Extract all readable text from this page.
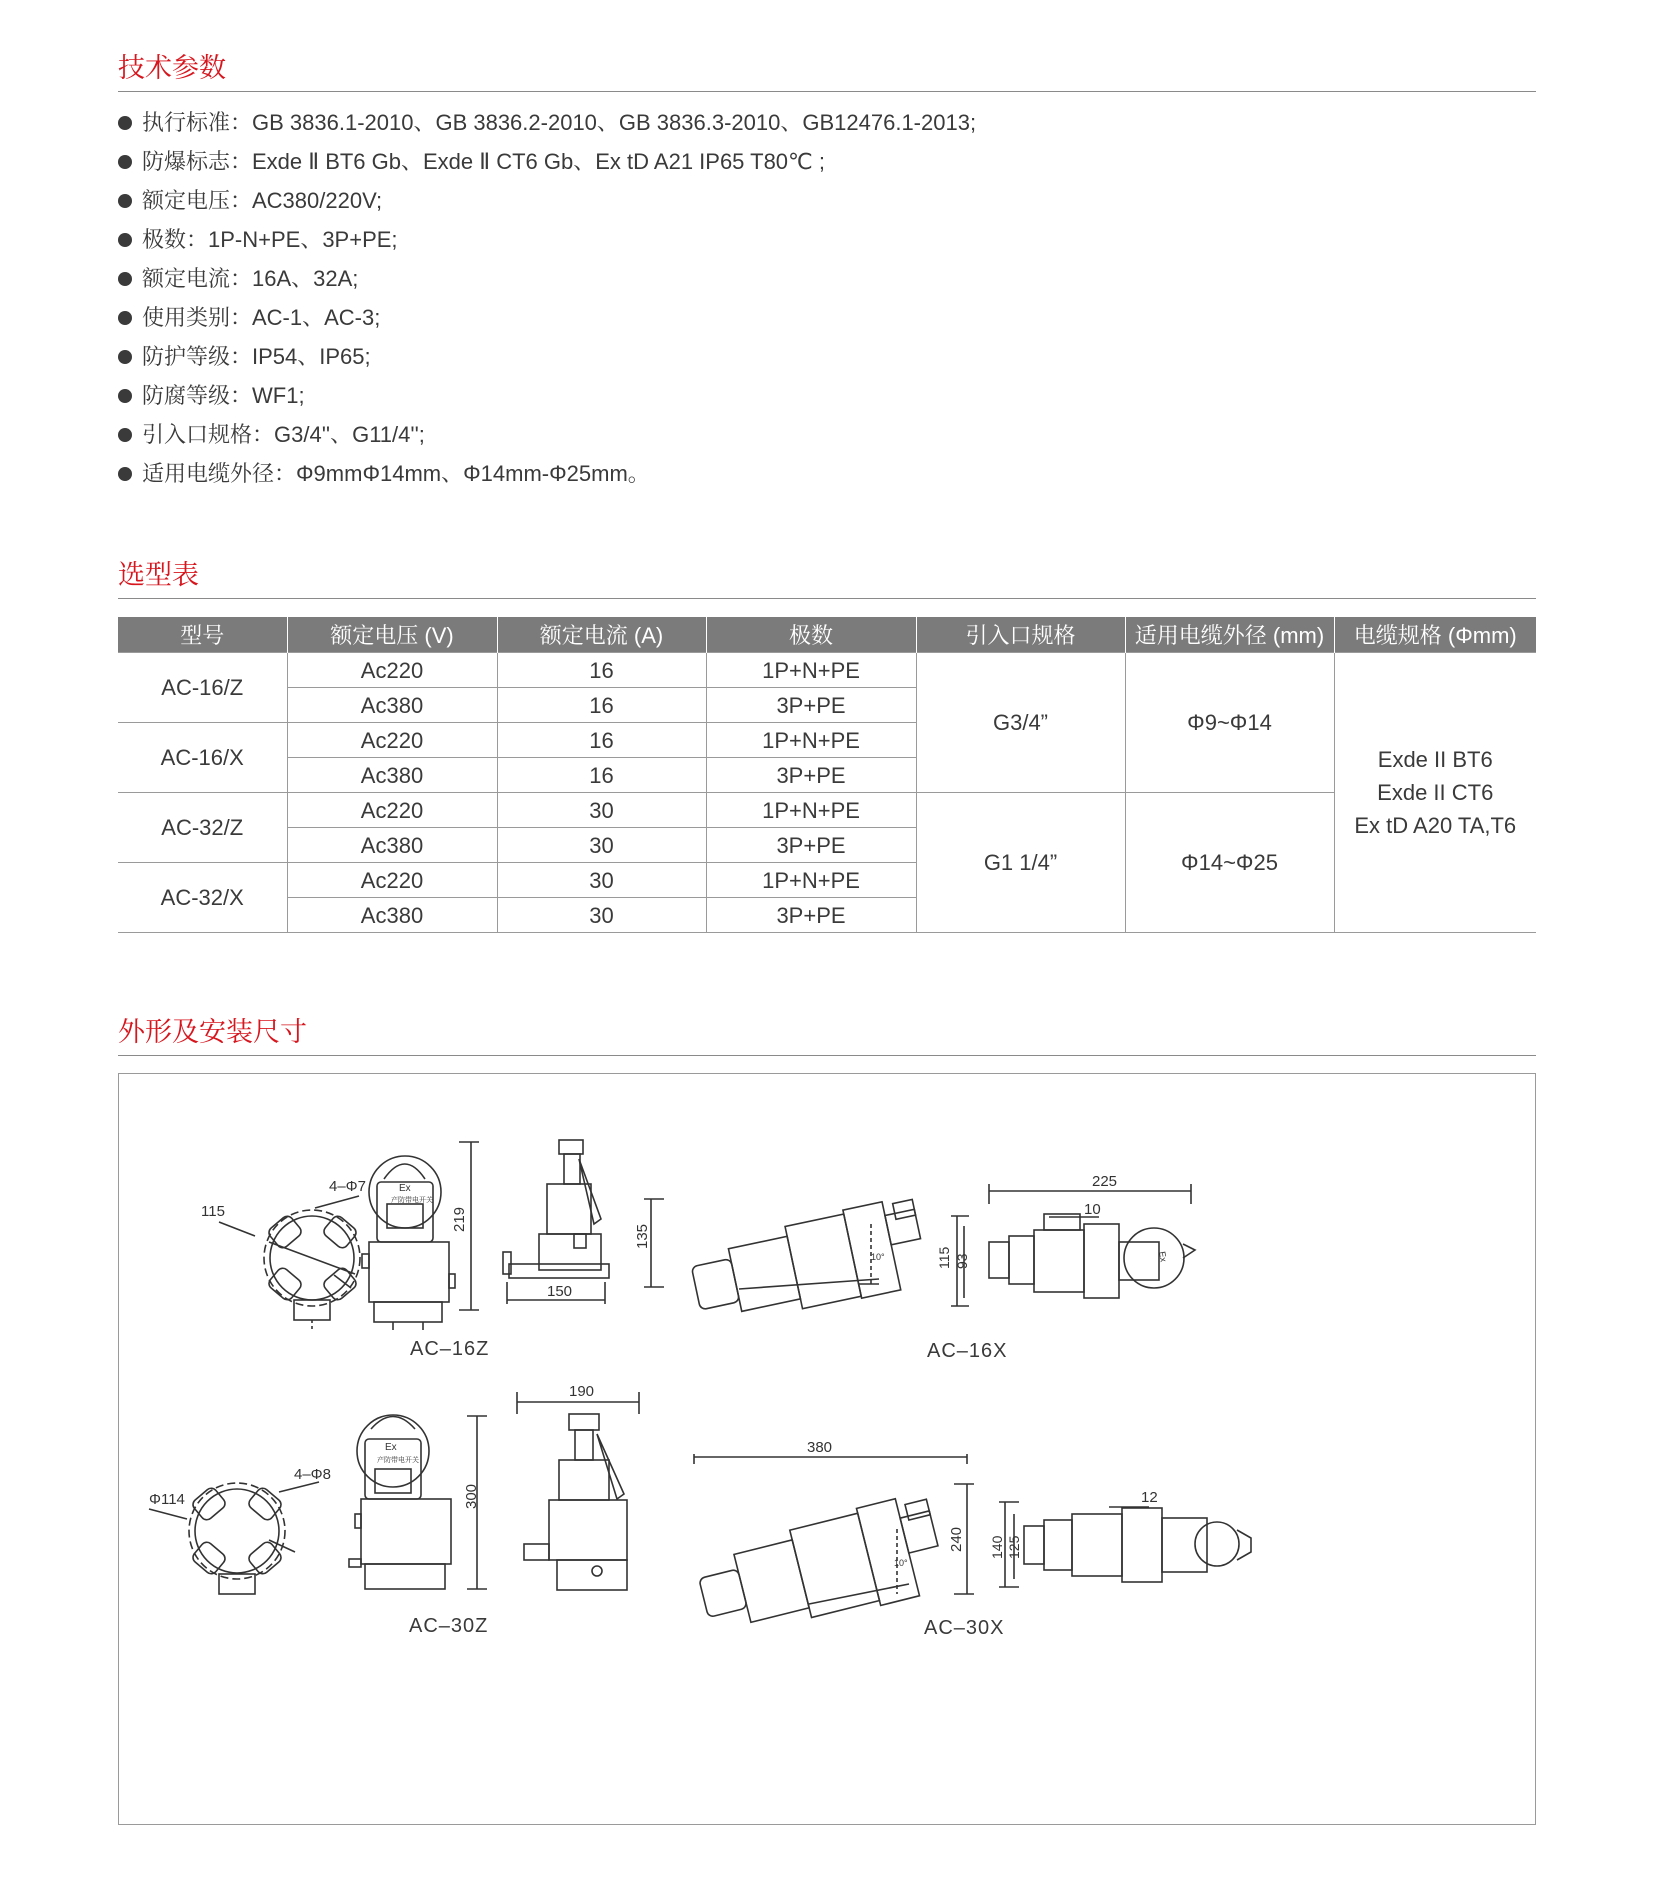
技术参数
执行标准：GB 3836.1-2010、GB 3836.2-2010、GB 3836.3-2010、GB12476.1-2013;
防爆标志：Exde Ⅱ BT6 Gb、Exde Ⅱ CT6 Gb、Ex tD A21 IP65 T80℃ ;
额定电压：AC380/220V;
极数：1P-N+PE、3P+PE;
额定电流：16A、32A;
使用类别：AC-1、AC-3;
防护等级：IP54、IP65;
防腐等级：WF1;
引入口规格：G3/4''、G11/4'';
适用电缆外径：Φ9mmΦ14mm、Φ14mm-Φ25mm。
选型表
型号	额定电压 (V)	额定电流 (A)	极数	引入口规格	适用电缆外径 (mm)	电缆规格 (Φmm)
AC-16/Z	Ac220	16	1P+N+PE	G3/4”	Φ9~Φ14	Exde II BT6
Exde II CT6
Ex tD A20 TA,T6

	Ac380	16	3P+PE			
AC-16/X	Ac220	16	1P+N+PE			
	Ac380	16	3P+PE			
AC-32/Z	Ac220	30	1P+N+PE	G1 1/4”	Φ14~Φ25	
	Ac380	30	3P+PE			
AC-32/X	Ac220	30	1P+N+PE			
	Ac380	30	3P+PE			
外形及安装尺寸
115
4–Φ7	Ex
产防带电开关
219
150
135
10°
225
10
115 93	Ex
Φ114
4–Φ8
Ex
产防带电开关
300
190
380
10°
240
12
140 125
AC–16Z	AC–16X
AC–30Z	AC–30X
